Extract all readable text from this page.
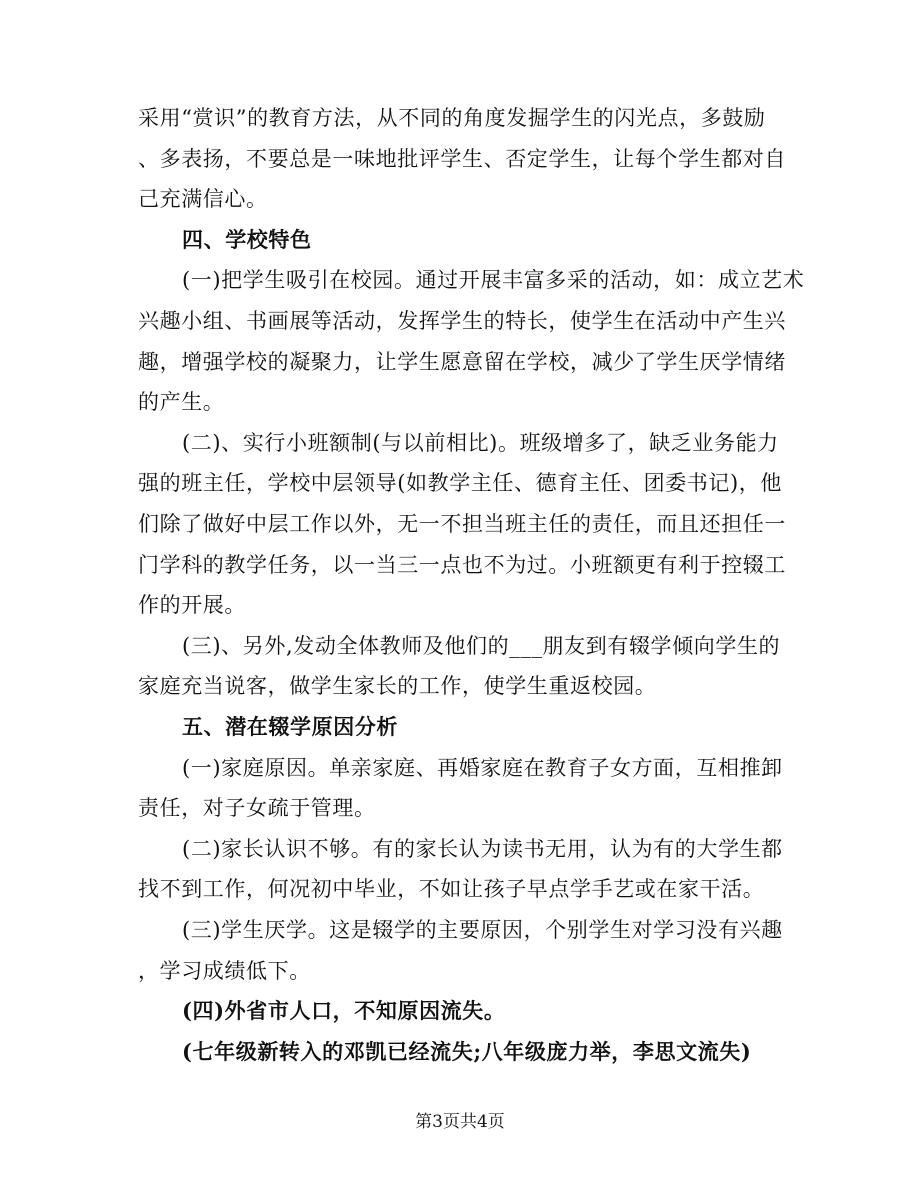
采用“赏识”的教育方法，从不同的角度发掘学生的闪光点，多鼓励
、多表扬，不要总是一味地批评学生、否定学生，让每个学生都对自
己充满信心。
四、学校特色
(一)把学生吸引在校园。通过开展丰富多采的活动，如：成立艺术
兴趣小组、书画展等活动，发挥学生的特长，使学生在活动中产生兴
趣，增强学校的凝聚力，让学生愿意留在学校，减少了学生厌学情绪
的产生。
(二)、实行小班额制(与以前相比)。班级增多了，缺乏业务能力
强的班主任，学校中层领导(如教学主任、德育主任、团委书记)，他
们除了做好中层工作以外，无一不担当班主任的责任，而且还担任一
门学科的教学任务，以一当三一点也不为过。小班额更有利于控辍工
作的开展。
(三)、另外,发动全体教师及他们的___朋友到有辍学倾向学生的
家庭充当说客，做学生家长的工作，使学生重返校园。
五、潜在辍学原因分析
(一)家庭原因。单亲家庭、再婚家庭在教育子女方面，互相推卸
责任，对子女疏于管理。
(二)家长认识不够。有的家长认为读书无用，认为有的大学生都
找不到工作，何况初中毕业，不如让孩子早点学手艺或在家干活。
(三)学生厌学。这是辍学的主要原因，个别学生对学习没有兴趣
，学习成绩低下。
(四)外省市人口，不知原因流失。
(七年级新转入的邓凯已经流失;八年级庞力举，李思文流失)
第3页共4页
